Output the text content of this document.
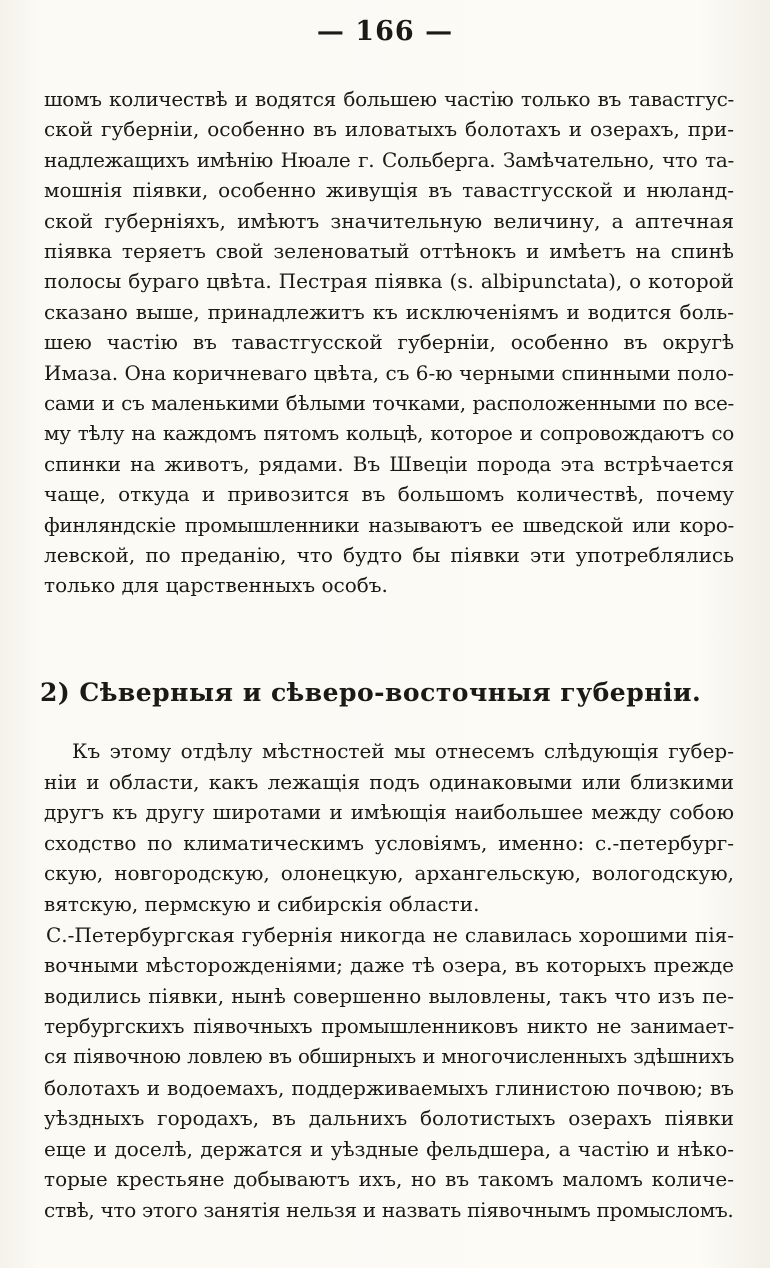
— 166 —

шомъ количествѣ и водятся большею частію только въ тавастгус-
ской губерніи, особенно въ иловатыхъ болотахъ и озерахъ, при-
надлежащихъ имѣнію Нюале г. Сольберга. Замѣчательно, что та-
мошнія піявки, особенно живущія въ тавастгусской и нюланд-
ской губерніяхъ, имѣютъ значительную величину, а аптечная
піявка теряетъ свой зеленоватый оттѣнокъ и имѣетъ на спинѣ
полосы бураго цвѣта. Пестрая піявка (s. albipunctata), о которой
сказано выше, принадлежитъ къ исключеніямъ и водится боль-
шею частію въ тавастгусской губерніи, особенно въ округѣ
Имаза. Она коричневаго цвѣта, съ 6-ю черными спинными поло-
сами и съ маленькими бѣлыми точками, расположенными по все-
му тѣлу на каждомъ пятомъ кольцѣ, которое и сопровождаютъ со
спинки на животъ, рядами. Въ Швеціи порода эта встрѣчается
чаще, откуда и привозится въ большомъ количествѣ, почему
финляндскіе промышленники называютъ ее шведской или коро-
левской, по преданію, что будто бы піявки эти употреблялись
только для царственныхъ особъ.
2) Сѣверныя и сѣверо-восточныя губерніи.
Къ этому отдѣлу мѣстностей мы отнесемъ слѣдующія губер-
ніи и области, какъ лежащія подъ одинаковыми или близкими
другъ къ другу широтами и имѣющія наибольшее между собою
сходство по климатическимъ условіямъ, именно: с.-петербург-
скую, новгородскую, олонецкую, архангельскую, вологодскую,
вятскую, пермскую и сибирскія области.
С.-Петербургская губернія никогда не славилась хорошими пія-
вочными мѣсторожденіями; даже тѣ озера, въ которыхъ прежде
водились піявки, нынѣ совершенно выловлены, такъ что изъ пе-
тербургскихъ піявочныхъ промышленниковъ никто не занимает-
ся піявочною ловлею въ обширныхъ и многочисленныхъ здѣшнихъ
болотахъ и водоемахъ, поддерживаемыхъ глинистою почвою; въ
уѣздныхъ городахъ, въ дальнихъ болотистыхъ озерахъ піявки
еще и доселѣ, держатся и уѣздные фельдшера, а частію и нѣко-
торые крестьяне добываютъ ихъ, но въ такомъ маломъ количе-
ствѣ, что этого занятія нельзя и назвать піявочнымъ промысломъ.
